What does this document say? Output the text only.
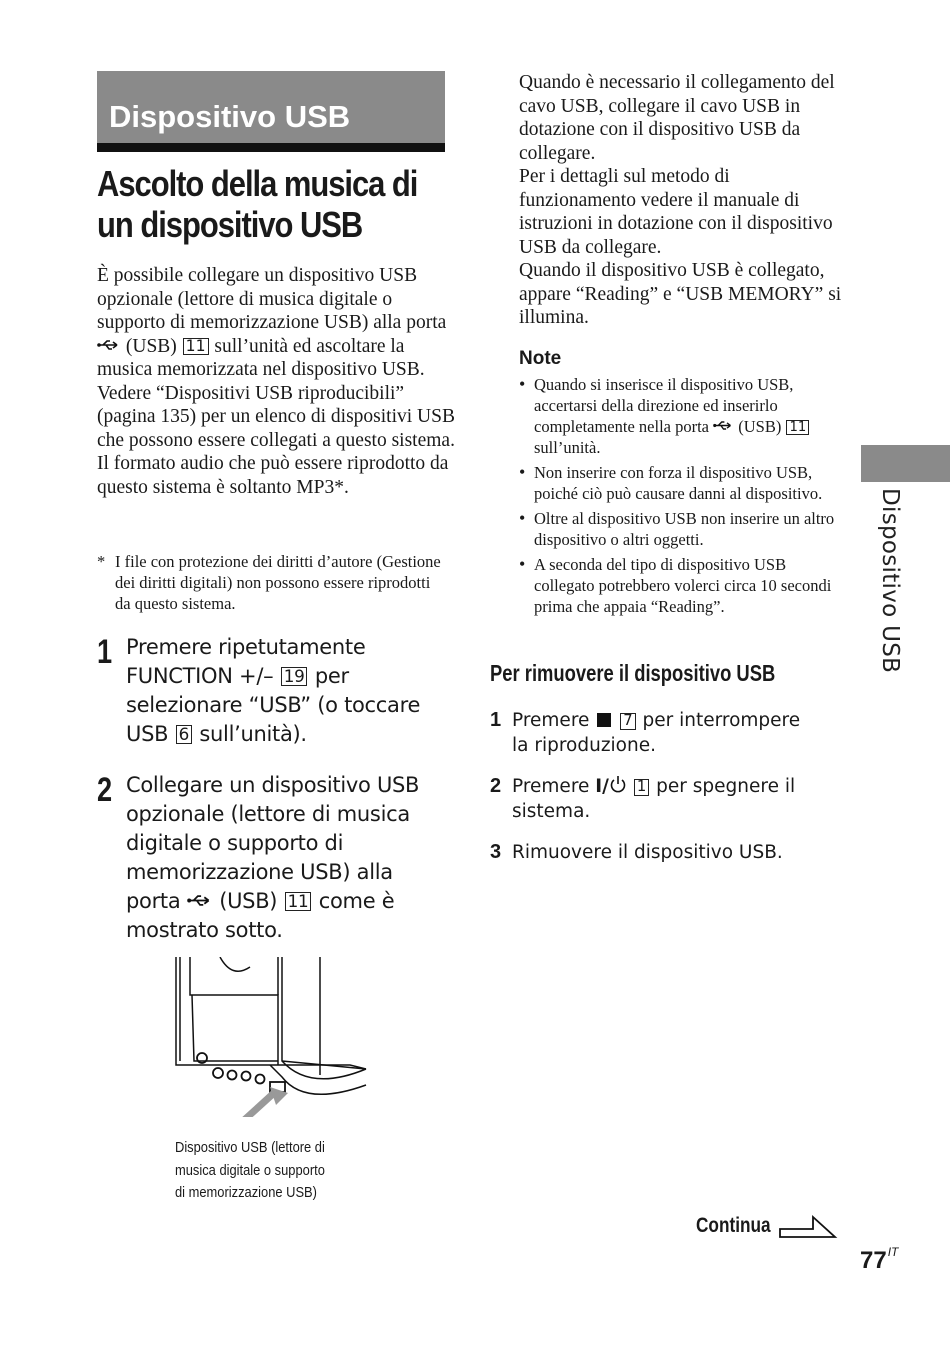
Dispositivo USB
Ascolto della musica di
un dispositivo USB

È possibile collegare un dispositivo USB opzionale (lettore di musica digitale o supporto di memorizzazione USB) alla porta  (USB) 11 sull’unità ed ascoltare la musica memorizzata nel dispositivo USB. Vedere “Dispositivi USB riproducibili” (pagina 135) per un elenco di dispositivi USB che possono essere collegati a questo sistema.

Il formato audio che può essere riprodotto da questo sistema è soltanto MP3*.

* I file con protezione dei diritti d’autore (Gestione dei diritti digitali) non possono essere riprodotti da questo sistema.
1 Premere ripetutamente FUNCTION +/– 19 per selezionare “USB” (o toccare USB 6 sull’unità).
2 Collegare un dispositivo USB opzionale (lettore di musica digitale o supporto di memorizzazione USB) alla porta (USB) 11 come è mostrato sotto.
Dispositivo USB (lettore di
musica digitale o supporto
di memorizzazione USB)

Quando è necessario il collegamento del cavo USB, collegare il cavo USB in dotazione con il dispositivo USB da collegare.

Per i dettagli sul metodo di funzionamento vedere il manuale di istruzioni in dotazione con il dispositivo USB da collegare.

Quando il dispositivo USB è collegato, appare “Reading” e “USB MEMORY” si illumina.

Note
• Quando si inserisce il dispositivo USB, accertarsi della direzione ed inserirlo completamente nella porta (USB) 11 sull’unità.
• Non inserire con forza il dispositivo USB, poiché ciò può causare danni al dispositivo.
• Oltre al dispositivo USB non inserire un altro dispositivo o altri oggetti.
• A seconda del tipo di dispositivo USB collegato potrebbero volerci circa 10 secondi prima che appaia “Reading”.
Per rimuovere il dispositivo USB
1 Premere 7 per interrompere la riproduzione.
2 Premere I/ 1 per spegnere il sistema.
3 Rimuovere il dispositivo USB.
Dispositivo USB
Continua
$77^{IT}$
